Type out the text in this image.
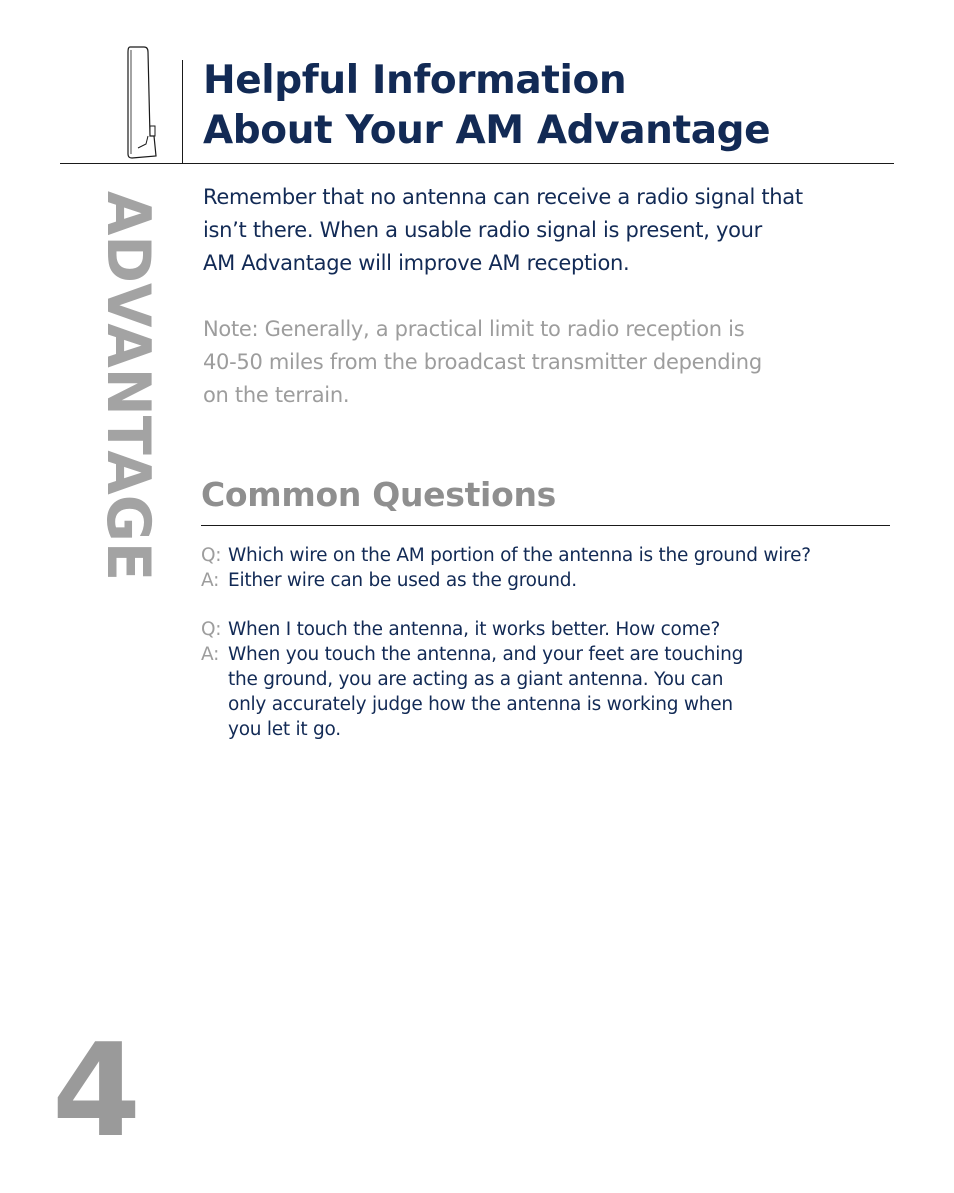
Helpful Information
About Your AM Advantage
ADVANTAGE Remember that no antenna can receive a radio signal that
isn’t there. When a usable radio signal is present, your
AM Advantage will improve AM reception.

Note: Generally, a practical limit to radio reception is
40-50 miles from the broadcast transmitter depending
on the terrain.

Common Questions
Q: Which wire on the AM portion of the antenna is the ground wire?
A: Either wire can be used as the ground.
Q: When I touch the antenna, it works better. How come?
A: When you touch the antenna, and your feet are touching
the ground, you are acting as a giant antenna. You can
only accurately judge how the antenna is working when
you let it go.
4
